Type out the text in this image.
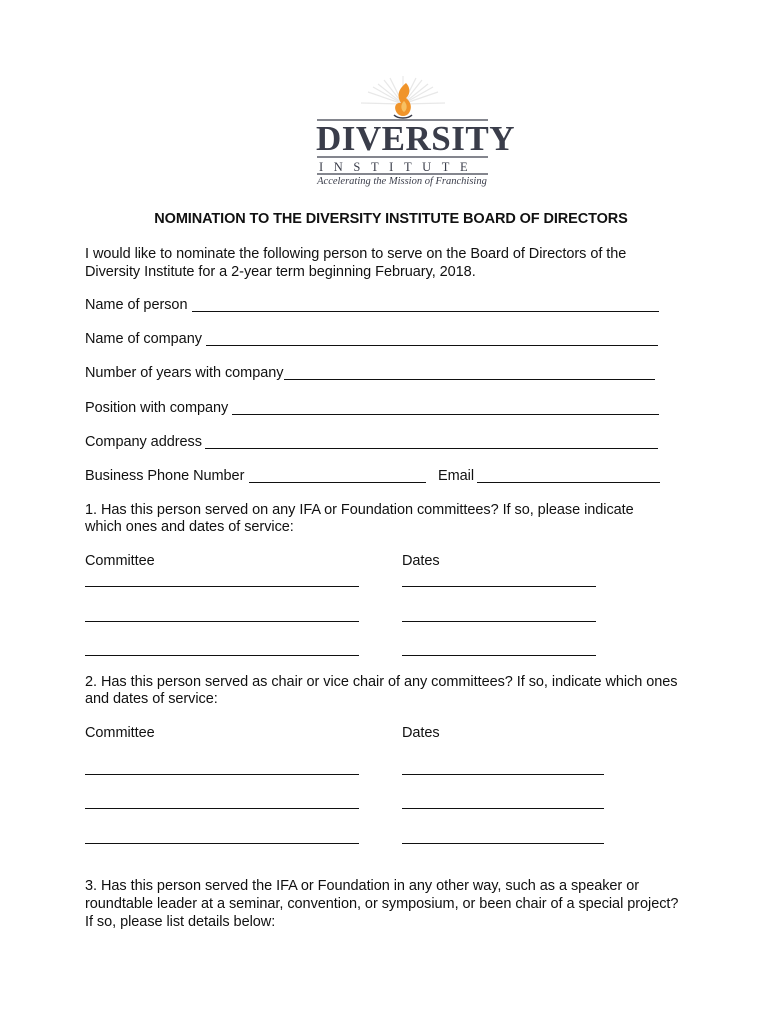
DIVERSITY
INSTITUTE
Accelerating the Mission of Franchising
NOMINATION TO THE DIVERSITY INSTITUTE BOARD OF DIRECTORS
I would like to nominate the following person to serve on the Board of Directors of the
Diversity Institute for a 2-year term beginning February, 2018.
Name of person
Name of company
Number of years with company
Position with company
Company address
Business Phone Number	Email
1. Has this person served on any IFA or Foundation committees? If so, please indicate
which ones and dates of service:
Committee	Dates
2. Has this person served as chair or vice chair of any committees? If so, indicate which ones
and dates of service:
Committee	Dates
3. Has this person served the IFA or Foundation in any other way, such as a speaker or
roundtable leader at a seminar, convention, or symposium, or been chair of a special project?
If so, please list details below:
